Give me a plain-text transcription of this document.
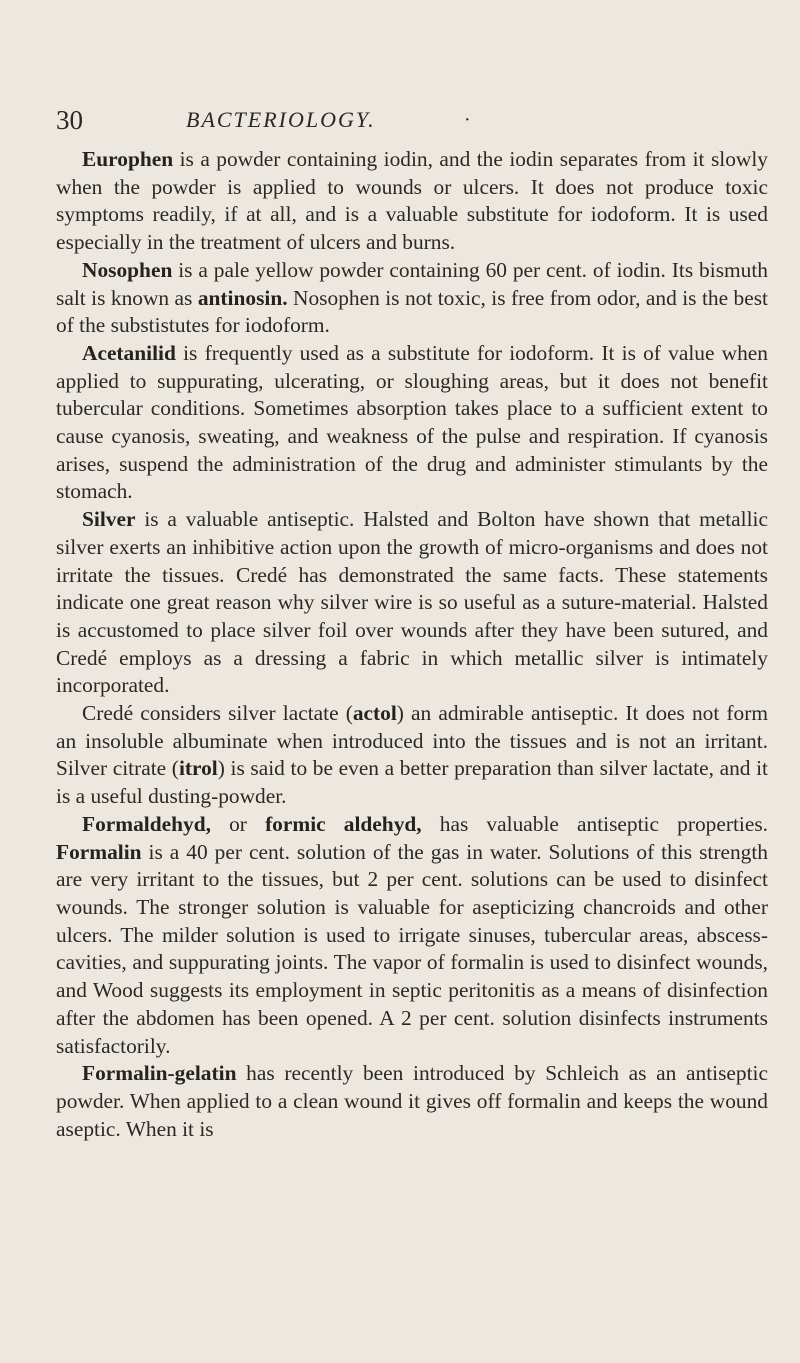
30	BACTERIOLOGY.	·

Europhen is a powder containing iodin, and the iodin separates from it slowly when the powder is applied to wounds or ulcers. It does not produce toxic symptoms readily, if at all, and is a valuable substitute for iodoform. It is used especially in the treatment of ulcers and burns.

Nosophen is a pale yellow powder containing 60 per cent. of iodin. Its bismuth salt is known as antinosin. Nosophen is not toxic, is free from odor, and is the best of the substistutes for iodoform.

Acetanilid is frequently used as a substitute for iodoform. It is of value when applied to suppurating, ulcerating, or sloughing areas, but it does not benefit tubercular conditions. Sometimes absorption takes place to a sufficient extent to cause cyanosis, sweating, and weakness of the pulse and respiration. If cyanosis arises, suspend the administration of the drug and administer stimulants by the stomach.

Silver is a valuable antiseptic. Halsted and Bolton have shown that metallic silver exerts an inhibitive action upon the growth of micro-organisms and does not irritate the tissues. Credé has demonstrated the same facts. These statements indicate one great reason why silver wire is so useful as a suture-material. Halsted is accustomed to place silver foil over wounds after they have been sutured, and Credé employs as a dressing a fabric in which metallic silver is intimately incorporated.

Credé considers silver lactate (actol) an admirable antiseptic. It does not form an insoluble albuminate when introduced into the tissues and is not an irritant. Silver citrate (itrol) is said to be even a better preparation than silver lactate, and it is a useful dusting-powder.

Formaldehyd, or formic aldehyd, has valuable antiseptic properties. Formalin is a 40 per cent. solution of the gas in water. Solutions of this strength are very irritant to the tissues, but 2 per cent. solutions can be used to disinfect wounds. The stronger solution is valuable for asepticizing chancroids and other ulcers. The milder solution is used to irrigate sinuses, tubercular areas, abscess-cavities, and suppurating joints. The vapor of formalin is used to disinfect wounds, and Wood suggests its employment in septic peritonitis as a means of disinfection after the abdomen has been opened. A 2 per cent. solution disinfects instruments satisfactorily.

Formalin-gelatin has recently been introduced by Schleich as an antiseptic powder. When applied to a clean wound it gives off formalin and keeps the wound aseptic. When it is
